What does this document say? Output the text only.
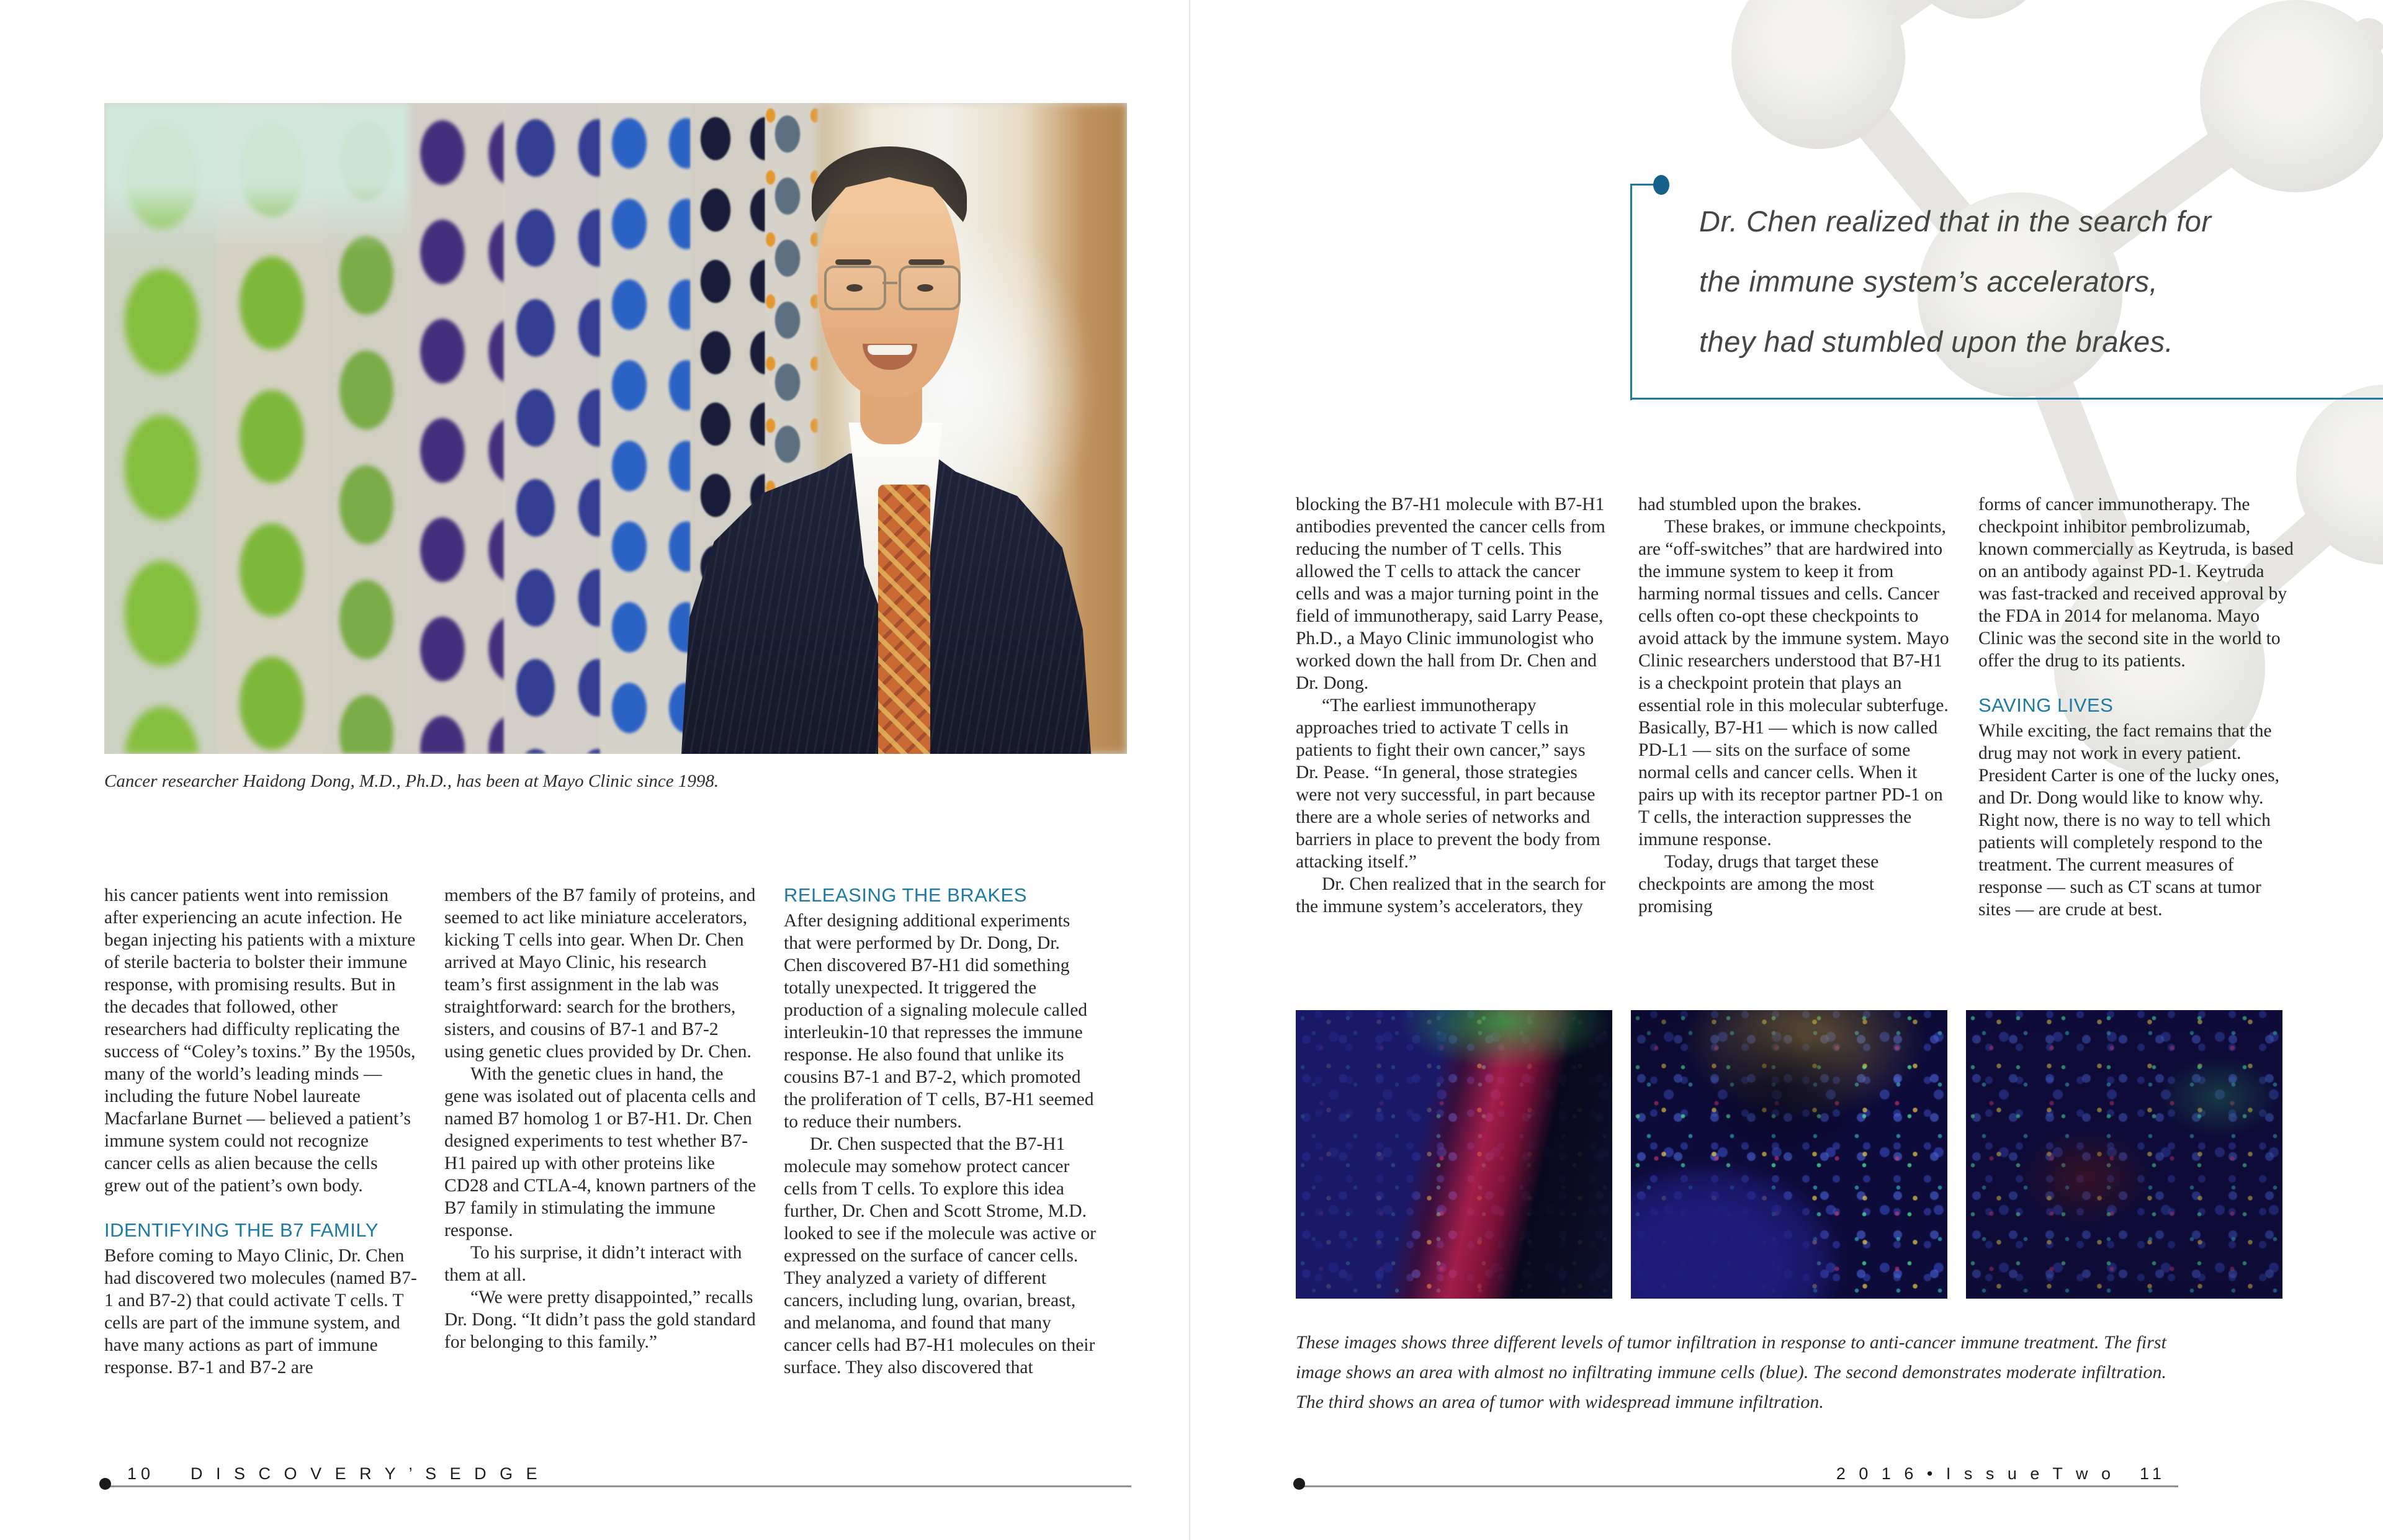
Cancer researcher Haidong Dong, M.D., Ph.D., has been at Mayo Clinic since 1998.

his cancer patients went into remission after experiencing an acute infection. He began injecting his patients with a mixture of sterile bacteria to bolster their immune response, with promising results. But in the decades that followed, other researchers had difficulty replicating the success of “Coley’s toxins.” By the 1950s, many of the world’s leading minds — including the future Nobel laureate Macfarlane Burnet — believed a patient’s immune system could not recognize cancer cells as alien because the cells grew out of the patient’s own body.

IDENTIFYING THE B7 FAMILY

Before coming to Mayo Clinic, Dr. Chen had discovered two molecules (named B7-1 and B7-2) that could activate T cells. T cells are part of the immune system, and have many actions as part of immune response. B7-1 and B7-2 are

members of the B7 family of proteins, and seemed to act like miniature accelerators, kicking T cells into gear. When Dr. Chen arrived at Mayo Clinic, his research team’s first assignment in the lab was straightforward: search for the brothers, sisters, and cousins of B7-1 and B7-2 using genetic clues provided by Dr. Chen.

With the genetic clues in hand, the gene was isolated out of placenta cells and named B7 homolog 1 or B7-H1. Dr. Chen designed experiments to test whether B7-H1 paired up with other proteins like CD28 and CTLA-4, known partners of the B7 family in stimulating the immune response.

To his surprise, it didn’t interact with them at all.

“We were pretty disappointed,” recalls Dr. Dong. “It didn’t pass the gold standard for belonging to this family.”

RELEASING THE BRAKES

After designing additional experiments that were performed by Dr. Dong, Dr. Chen discovered B7-H1 did something totally unexpected. It triggered the production of a signaling molecule called interleukin-10 that represses the immune response. He also found that unlike its cousins B7-1 and B7-2, which promoted the proliferation of T cells, B7-H1 seemed to reduce their numbers.

Dr. Chen suspected that the B7-H1 molecule may somehow protect cancer cells from T cells. To explore this idea further, Dr. Chen and Scott Strome, M.D. looked to see if the molecule was active or expressed on the surface of cancer cells. They analyzed a variety of different cancers, including lung, ovarian, breast, and melanoma, and found that many cancer cells had B7-H1 molecules on their surface. They also discovered that

10 D I S C O V E R Y ’ S E D G E
Dr. Chen realized that in the search for
the immune system’s accelerators,
they had stumbled upon the brakes.

blocking the B7-H1 molecule with B7-H1 antibodies prevented the cancer cells from reducing the number of T cells. This allowed the T cells to attack the cancer cells and was a major turning point in the field of immunotherapy, said Larry Pease, Ph.D., a Mayo Clinic immunologist who worked down the hall from Dr. Chen and Dr. Dong.

“The earliest immunotherapy approaches tried to activate T cells in patients to fight their own cancer,” says Dr. Pease. “In general, those strategies were not very successful, in part because there are a whole series of networks and barriers in place to prevent the body from attacking itself.”

Dr. Chen realized that in the search for the immune system’s accelerators, they

had stumbled upon the brakes.

These brakes, or immune checkpoints, are “off-switches” that are hardwired into the immune system to keep it from harming normal tissues and cells. Cancer cells often co-opt these checkpoints to avoid attack by the immune system. Mayo Clinic researchers understood that B7-H1 is a checkpoint protein that plays an essential role in this molecular subterfuge. Basically, B7-H1 — which is now called PD-L1 — sits on the surface of some normal cells and cancer cells. When it pairs up with its receptor partner PD-1 on T cells, the interaction suppresses the immune response.

Today, drugs that target these checkpoints are among the most promising

forms of cancer immunotherapy. The checkpoint inhibitor pembrolizumab, known commercially as Keytruda, is based on an antibody against PD-1. Keytruda was fast-tracked and received approval by the FDA in 2014 for melanoma. Mayo Clinic was the second site in the world to offer the drug to its patients.

SAVING LIVES

While exciting, the fact remains that the drug may not work in every patient. President Carter is one of the lucky ones, and Dr. Dong would like to know why. Right now, there is no way to tell which patients will completely respond to the treatment. The current measures of response — such as CT scans at tumor sites — are crude at best.

These images shows three different levels of tumor infiltration in response to anti-cancer immune treatment. The first image shows an area with almost no infiltrating immune cells (blue). The second demonstrates moderate infiltration. The third shows an area of tumor with widespread immune infiltration.
2 0 1 6 • I s s u e T w o 11
